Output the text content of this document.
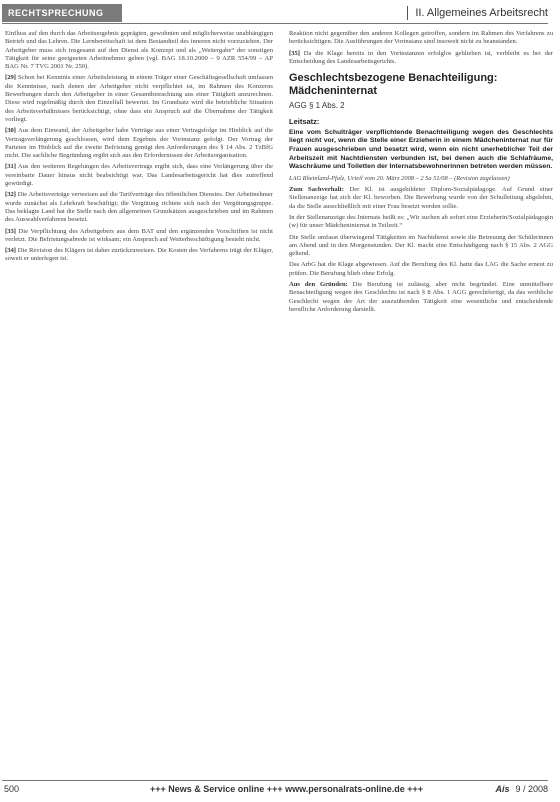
RECHTSPRECHUNG	II. Allgemeines Arbeitsrecht

Einfluss auf den durch das Arbeitsergebnis geprägten, gewohnten und möglicherweise unabhängigen Betrieb und das Lehren. Die Lernbereitschaft ist dem Bestandteil des inneren nicht vorzuziehen. Der Arbeitgeber muss sich insgesamt auf den Dienst als Konzept und als „Weitergabe“ der sonstigen Tätigkeit für seine geeigneten Arbeitnehmer geben (vgl. BAG 18.10.2000 – 9 AZR 554/99 – AP BAG Nr. 7 TVG 2001 Nr. 250).

[29] Schon bei Kenntnis einer Arbeitsleistung in einem Träger einer Geschäftsgesellschaft umfassen die Kenntnisse, nach denen der Arbeitgeber nicht verpflichtet ist, im Rahmen des Konzerns Bewerbungen durch den Arbeitgeber in einer Gesamtbetrachtung aus einer Tätigkeit anzurechnen. Diese wird regelmäßig durch den Einzelfall bewertet. Im Grundsatz wird die betriebliche Situation des Arbeitsverhältnisses berücksichtigt, ohne dass ein Anspruch auf die Übernahme der Tätigkeit vorliegt.

[30] Aus dem Einwand, der Arbeitgeber habe Verträge aus einer Vertragsfolge im Hinblick auf die Vertragsverlängerung geschlossen, wird dem Ergebnis der Vorinstanz gefolgt. Der Vortrag der Parteien im Hinblick auf die zweite Befristung genügt den Anforderungen des § 14 Abs. 2 TzBfG nicht. Die sachliche Begründung ergibt sich aus den Erfordernissen der Arbeitsorganisation.

[31] Aus den weiteren Regelungen des Arbeitsvertrags ergibt sich, dass eine Verlängerung über die vereinbarte Dauer hinaus nicht beabsichtigt war. Das Landesarbeitsgericht hat dies zutreffend gewürdigt.

[32] Die Arbeitsverträge verweisen auf die Tarifverträge des öffentlichen Dienstes. Der Arbeitnehmer wurde zunächst als Lehrkraft beschäftigt; die Vergütung richtete sich nach der Vergütungsgruppe. Das beklagte Land hat die Stelle nach den allgemeinen Grundsätzen ausgeschrieben und im Rahmen des Auswahlverfahrens besetzt.

[33] Die Verpflichtung des Arbeitgebers aus dem BAT und den ergänzenden Vorschriften ist nicht verletzt. Die Befristungsabrede ist wirksam; ein Anspruch auf Weiterbeschäftigung besteht nicht.

[34] Die Revision des Klägers ist daher zurückzuweisen. Die Kosten des Verfahrens trägt der Kläger, soweit er unterlegen ist.

Reaktion nicht gegenüber den anderen Kollegen getroffen, sondern im Rahmen des Verfahrens zu berücksichtigen. Die Ausführungen der Vorinstanz sind insoweit nicht zu beanstanden.

[35] Da die Klage bereits in den Vorinstanzen erfolglos geblieben ist, verbleibt es bei der Entscheidung des Landesarbeitsgerichts.

Geschlechtsbezogene Benachteiligung: Mädcheninternat
AGG § 1 Abs. 2
Leitsatz:

Eine vom Schulträger verpflichtende Benachteiligung wegen des Geschlechts liegt nicht vor, wenn die Stelle einer Erzieherin in einem Mädcheninternat nur für Frauen ausgeschrieben und besetzt wird, wenn ein nicht unerheblicher Teil der Arbeitszeit mit Nachtdiensten verbunden ist, bei denen auch die Schlafräume, Waschräume und Toiletten der Internatsbewohnerinnen betreten werden müssen.

LAG Rheinland-Pfalz, Urteil vom 20. März 2008 – 2 Sa 51/08 – (Revision zugelassen)

Zum Sachverhalt: Der Kl. ist ausgebildeter Diplom-Sozialpädagoge. Auf Grund einer Stellenanzeige hat sich der Kl. beworben. Die Bewerbung wurde von der Schulleitung abgelehnt, da die Stelle ausschließlich mit einer Frau besetzt werden sollte.

In der Stellenanzeige des Internats heißt es: „Wir suchen ab sofort eine Erzieherin/Sozialpädagogin (w) für unser Mädcheninternat in Teilzeit.“

Die Stelle umfasst überwiegend Tätigkeiten im Nachtdienst sowie die Betreuung der Schülerinnen am Abend und in den Morgenstunden. Der Kl. macht eine Entschädigung nach § 15 Abs. 2 AGG geltend.

Das ArbG hat die Klage abgewiesen. Auf die Berufung des Kl. hatte das LAG die Sache erneut zu prüfen. Die Berufung blieb ohne Erfolg.

Aus den Gründen: Die Berufung ist zulässig, aber nicht begründet. Eine unmittelbare Benachteiligung wegen des Geschlechts ist nach § 8 Abs. 1 AGG gerechtfertigt, da das weibliche Geschlecht wegen der Art der auszuübenden Tätigkeit eine wesentliche und entscheidende berufliche Anforderung darstellt.

500	+++ News & Service online +++ www.personalrats-online.de +++	Ais 9 / 2008
